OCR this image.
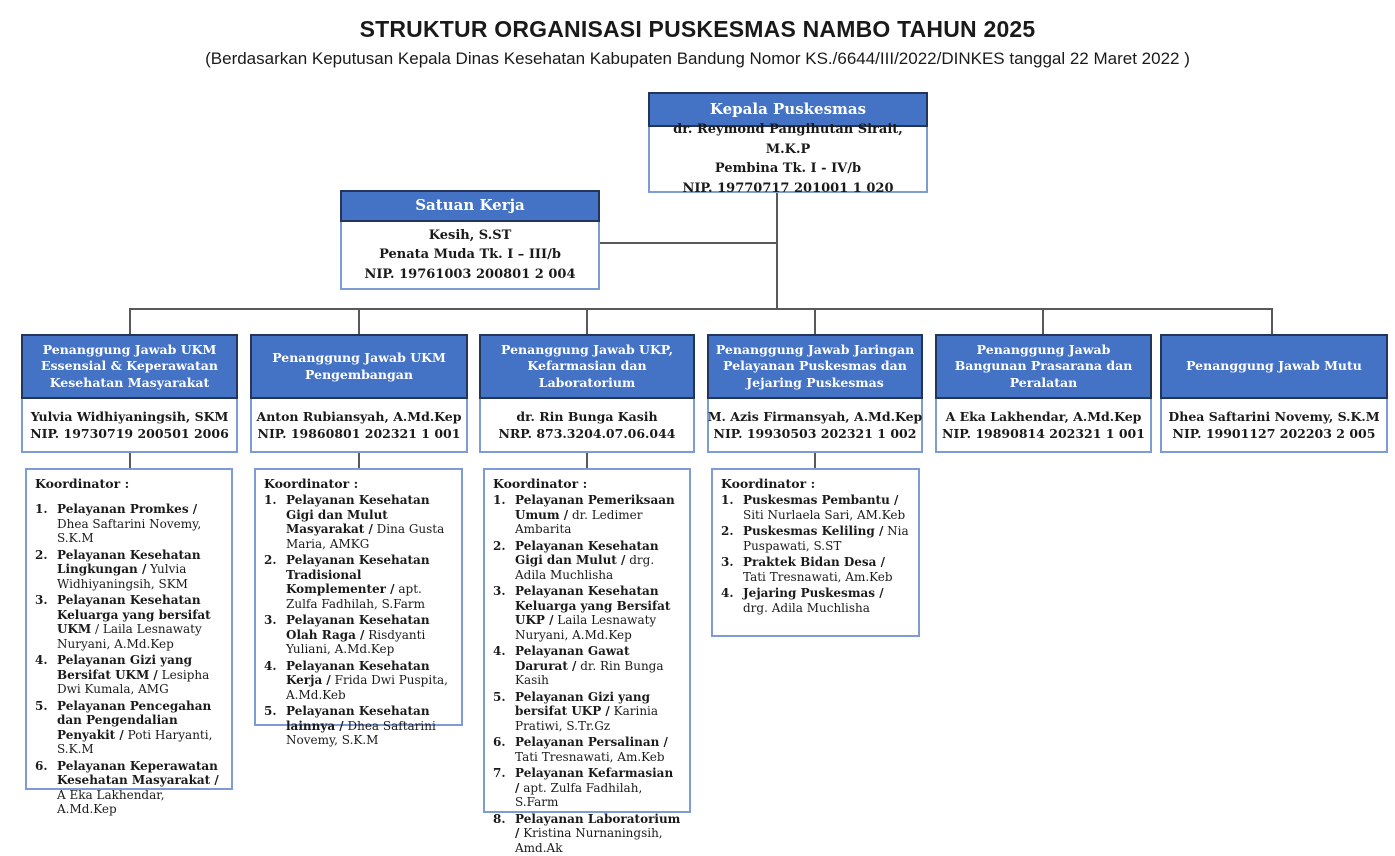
STRUKTUR ORGANISASI PUSKESMAS NAMBO TAHUN 2025
(Berdasarkan Keputusan Kepala Dinas Kesehatan Kabupaten Bandung Nomor KS./6644/III/2022/DINKES tanggal 22 Maret 2022 )
Kepala Puskesmas
dr. Reymond Pangihutan Sirait, M.K.P
Pembina Tk. I - IV/b
NIP. 19770717 201001 1 020
Satuan Kerja
Kesih, S.ST
Penata Muda Tk. I – III/b
NIP. 19761003 200801 2 004
Penanggung Jawab UKM Essensial & Keperawatan Kesehatan Masyarakat
Yulvia Widhiyaningsih, SKM
NIP. 19730719 200501 2006
Penanggung Jawab UKM Pengembangan
Anton Rubiansyah, A.Md.Kep
NIP. 19860801 202321 1 001
Penanggung Jawab UKP, Kefarmasian dan Laboratorium
dr. Rin Bunga Kasih
NRP. 873.3204.07.06.044
Penanggung Jawab Jaringan Pelayanan Puskesmas dan Jejaring Puskesmas
M. Azis Firmansyah, A.Md.Kep
NIP. 19930503 202321 1 002
Penanggung Jawab Bangunan Prasarana dan Peralatan
A Eka Lakhendar, A.Md.Kep
NIP. 19890814 202321 1 001
Penanggung Jawab Mutu
Dhea Saftarini Novemy, S.K.M
NIP. 19901127 202203 2 005
Koordinator :
1. Pelayanan Promkes / Dhea Saftarini Novemy, S.K.M
2. Pelayanan Kesehatan Lingkungan / Yulvia Widhiyaningsih, SKM
3. Pelayanan Kesehatan Keluarga yang bersifat UKM / Laila Lesnawaty Nuryani, A.Md.Kep
4. Pelayanan Gizi yang Bersifat UKM / Lesipha Dwi Kumala, AMG
5. Pelayanan Pencegahan dan Pengendalian Penyakit / Poti Haryanti, S.K.M
6. Pelayanan Keperawatan Kesehatan Masyarakat / A Eka Lakhendar, A.Md.Kep
Koordinator :
1. Pelayanan Kesehatan Gigi dan Mulut Masyarakat / Dina Gusta Maria, AMKG
2. Pelayanan Kesehatan Tradisional Komplementer / apt. Zulfa Fadhilah, S.Farm
3. Pelayanan Kesehatan Olah Raga / Risdyanti Yuliani, A.Md.Kep
4. Pelayanan Kesehatan Kerja / Frida Dwi Puspita, A.Md.Keb
5. Pelayanan Kesehatan lainnya / Dhea Saftarini Novemy, S.K.M
Koordinator :
1. Pelayanan Pemeriksaan Umum / dr. Ledimer Ambarita
2. Pelayanan Kesehatan Gigi dan Mulut / drg. Adila Muchlisha
3. Pelayanan Kesehatan Keluarga yang Bersifat UKP / Laila Lesnawaty Nuryani, A.Md.Kep
4. Pelayanan Gawat Darurat / dr. Rin Bunga Kasih
5. Pelayanan Gizi yang bersifat UKP / Karinia Pratiwi, S.Tr.Gz
6. Pelayanan Persalinan / Tati Tresnawati, Am.Keb
7. Pelayanan Kefarmasian / apt. Zulfa Fadhilah, S.Farm
8. Pelayanan Laboratorium / Kristina Nurnaningsih, Amd.Ak
Koordinator :
1. Puskesmas Pembantu / Siti Nurlaela Sari, AM.Keb
2. Puskesmas Keliling / Nia Puspawati, S.ST
3. Praktek Bidan Desa / Tati Tresnawati, Am.Keb
4. Jejaring Puskesmas / drg. Adila Muchlisha
